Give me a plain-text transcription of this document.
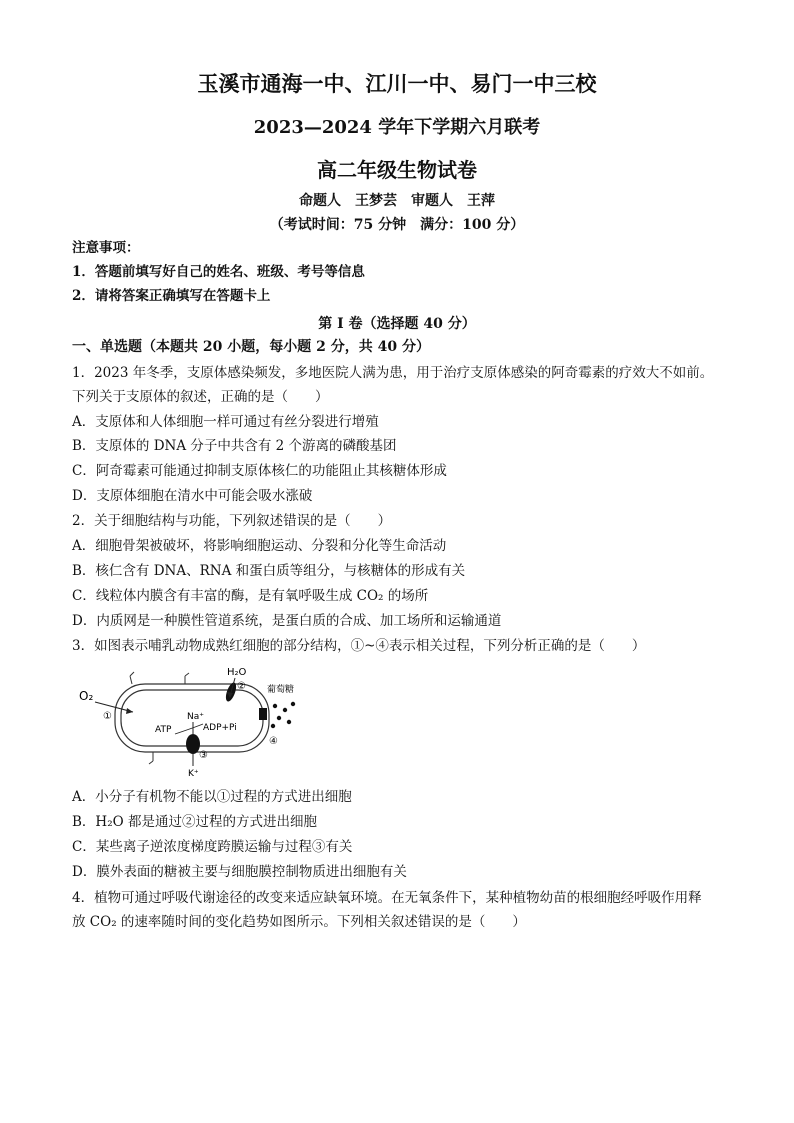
玉溪市通海一中、江川一中、易门一中三校
2023—2024 学年下学期六月联考
高二年级生物试卷
命题人　王梦芸　审题人　王萍
（考试时间：75 分钟　满分：100 分）
注意事项：
1．答题前填写好自己的姓名、班级、考号等信息
2．请将答案正确填写在答题卡上
第 I 卷（选择题 40 分）
一、单选题（本题共 20 小题，每小题 2 分，共 40 分）
1．2023 年冬季，支原体感染频发，多地医院人满为患，用于治疗支原体感染的阿奇霉素的疗效大不如前。
下列关于支原体的叙述，正确的是（　　）
A．支原体和人体细胞一样可通过有丝分裂进行增殖
B．支原体的 DNA 分子中共含有 2 个游离的磷酸基团
C．阿奇霉素可能通过抑制支原体核仁的功能阻止其核糖体形成
D．支原体细胞在清水中可能会吸水涨破
2．关于细胞结构与功能，下列叙述错误的是（　　）
A．细胞骨架被破坏，将影响细胞运动、分裂和分化等生命活动
B．核仁含有 DNA、RNA 和蛋白质等组分，与核糖体的形成有关
C．线粒体内膜含有丰富的酶，是有氧呼吸生成 CO₂ 的场所
D．内质网是一种膜性管道系统，是蛋白质的合成、加工场所和运输通道
3．如图表示哺乳动物成熟红细胞的部分结构，①~④表示相关过程，下列分析正确的是（　　）
O₂
①
H₂O
② 葡萄糖
④
Na⁺
ATP	ADP+Pi
③
K⁺
A．小分子有机物不能以①过程的方式进出细胞
B．H₂O 都是通过②过程的方式进出细胞
C．某些离子逆浓度梯度跨膜运输与过程③有关
D．膜外表面的糖被主要与细胞膜控制物质进出细胞有关
4．植物可通过呼吸代谢途径的改变来适应缺氧环境。在无氧条件下，某种植物幼苗的根细胞经呼吸作用释
放 CO₂ 的速率随时间的变化趋势如图所示。下列相关叙述错误的是（　　）
